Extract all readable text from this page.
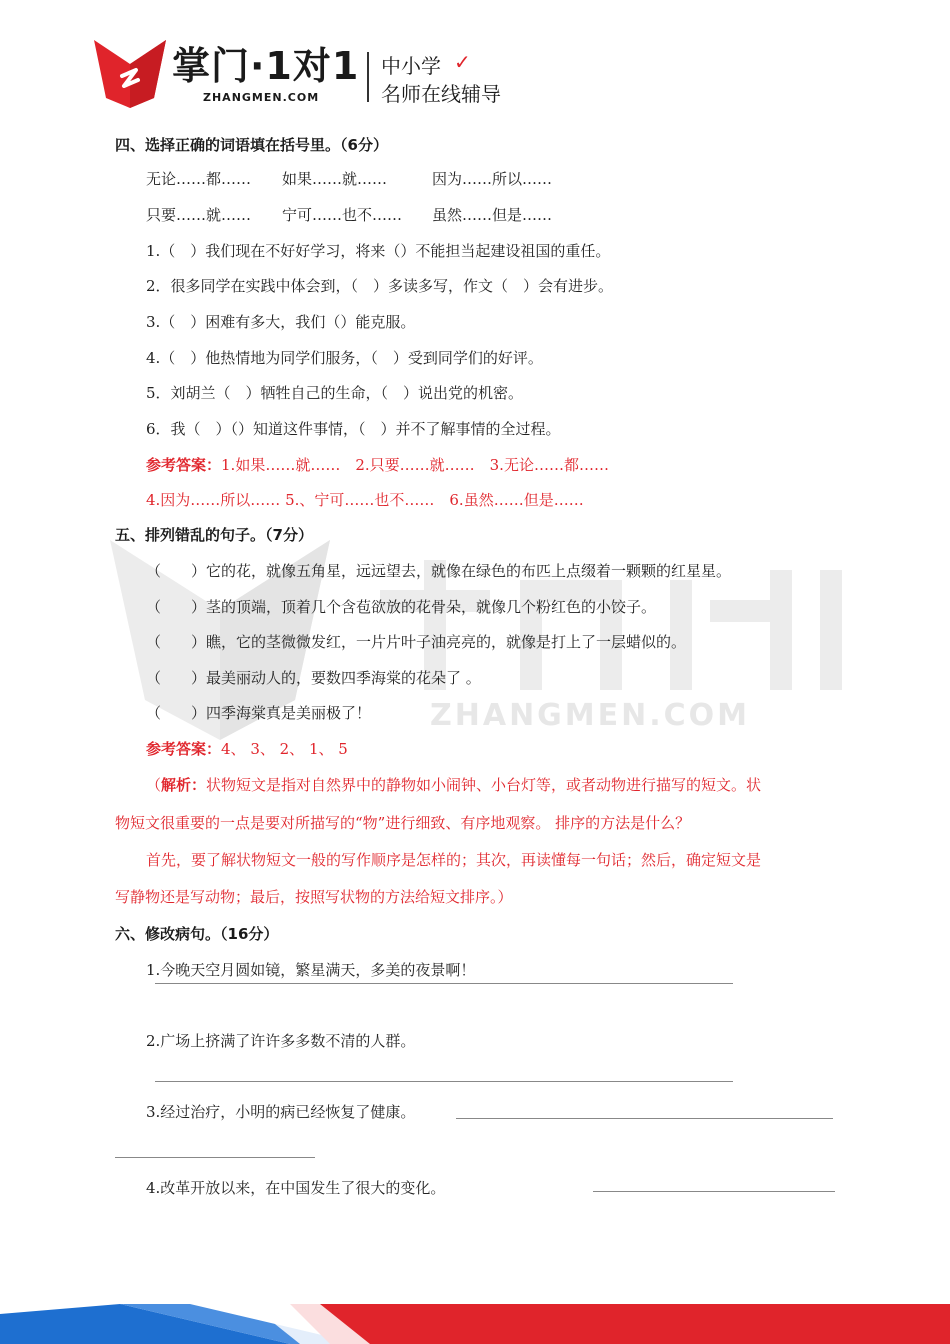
掌门·1对1
ZHANGMEN.COM
中小学 ✓
名师在线辅导
ZHANGMEN.COM
四、选择正确的词语填在括号里。（6分）
无论……都…… 如果……就……	因为……所以……
只要……就…… 宁可……也不…… 虽然……但是……
1.（　）我们现在不好好学习，将来（）不能担当起建设祖国的重任。
2．很多同学在实践中体会到，（　）多读多写，作文（　）会有进步。
3.（　）困难有多大，我们（）能克服。
4.（　）他热情地为同学们服务，（　）受到同学们的好评。
5．刘胡兰（　）牺牲自己的生命，（　）说出党的机密。
6．我（　）（）知道这件事情，（　）并不了解事情的全过程。
参考答案：1.如果……就……　2.只要……就……　3.无论……都……
4.因为……所以…… 5.、宁可……也不……　6.虽然……但是……
五、排列错乱的句子。（7分）
（　　）它的花，就像五角星，远远望去，就像在绿色的布匹上点缀着一颗颗的红星星。
（　　）茎的顶端，顶着几个含苞欲放的花骨朵，就像几个粉红色的小饺子。
（　　）瞧，它的茎微微发红，一片片叶子油亮亮的，就像是打上了一层蜡似的。
（　　）最美丽动人的，要数四季海棠的花朵了 。
（　　）四季海棠真是美丽极了！
参考答案：4、 3、 2、 1、 5
（解析：状物短文是指对自然界中的静物如小闹钟、小台灯等，或者动物进行描写的短文。状
物短文很重要的一点是要对所描写的“物”进行细致、有序地观察。 排序的方法是什么？
首先，要了解状物短文一般的写作顺序是怎样的；其次，再读懂每一句话；然后，确定短文是
写静物还是写动物；最后，按照写状物的方法给短文排序。）
六、修改病句。（16分）
1.今晚天空月圆如镜，繁星满天，多美的夜景啊！
2.广场上挤满了许许多多数不清的人群。
3.经过治疗，小明的病已经恢复了健康。
4.改革开放以来，在中国发生了很大的变化。
